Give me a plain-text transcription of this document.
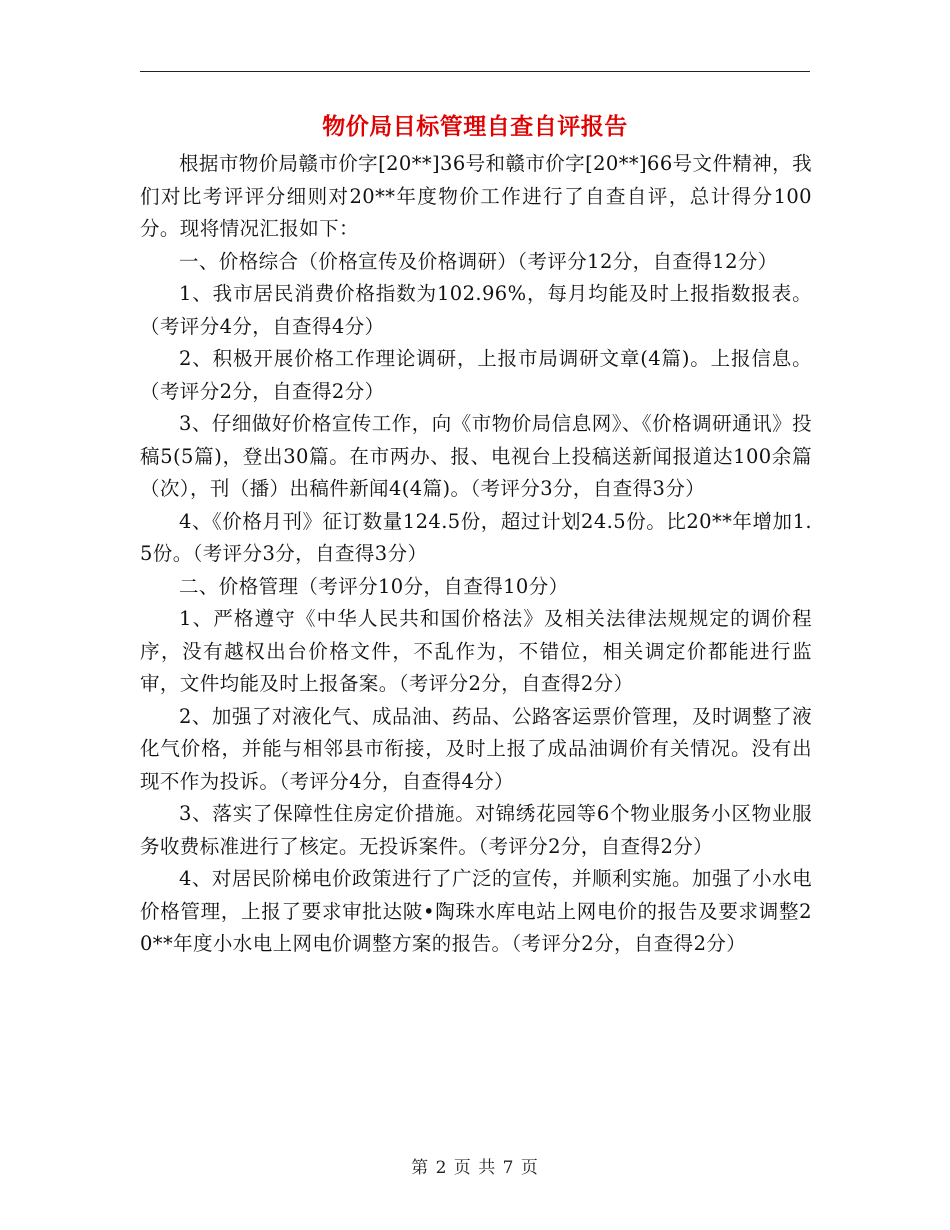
物价局目标管理自查自评报告

根据市物价局赣市价字[20**]36号和赣市价字[20**]66号文件精神，我们对比考评评分细则对20**年度物价工作进行了自查自评，总计得分100分。现将情况汇报如下：

一、价格综合（价格宣传及价格调研）（考评分12分，自查得12分）

1、我市居民消费价格指数为102.96%，每月均能及时上报指数报表。（考评分4分，自查得4分）

2、积极开展价格工作理论调研，上报市局调研文章(4篇)。上报信息。（考评分2分，自查得2分）

3、仔细做好价格宣传工作，向《市物价局信息网》、《价格调研通讯》投稿5(5篇)，登出30篇。在市两办、报、电视台上投稿送新闻报道达100余篇（次），刊（播）出稿件新闻4(4篇)。（考评分3分，自查得3分）

4、《价格月刊》征订数量124.5份，超过计划24.5份。比20**年增加1.5份。（考评分3分，自查得3分）

二、价格管理（考评分10分，自查得10分）

1、严格遵守《中华人民共和国价格法》及相关法律法规规定的调价程序，没有越权出台价格文件，不乱作为，不错位，相关调定价都能进行监审，文件均能及时上报备案。（考评分2分，自查得2分）

2、加强了对液化气、成品油、药品、公路客运票价管理，及时调整了液化气价格，并能与相邻县市衔接，及时上报了成品油调价有关情况。没有出现不作为投诉。（考评分4分，自查得4分）

3、落实了保障性住房定价措施。对锦绣花园等6个物业服务小区物业服务收费标准进行了核定。无投诉案件。（考评分2分，自查得2分）

4、对居民阶梯电价政策进行了广泛的宣传，并顺利实施。加强了小水电价格管理，上报了要求审批达陂•陶珠水库电站上网电价的报告及要求调整20**年度小水电上网电价调整方案的报告。（考评分2分，自查得2分）

第 2 页 共 7 页
